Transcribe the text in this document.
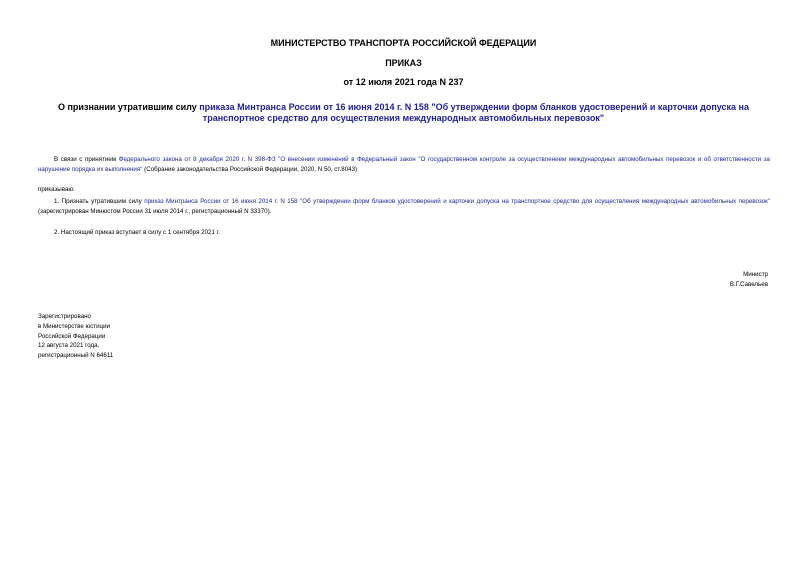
МИНИСТЕРСТВО ТРАНСПОРТА РОССИЙСКОЙ ФЕДЕРАЦИИ
ПРИКАЗ
от 12 июля 2021 года N 237
О признании утратившим силу приказа Минтранса России от 16 июня 2014 г. N 158 "Об утверждении форм бланков удостоверений и карточки допуска на транспортное средство для осуществления международных автомобильных перевозок"
В связи с принятием Федерального закона от 8 декабря 2020 г. N 398-ФЗ "О внесении изменений в Федеральный закон "О государственном контроле за осуществлением международных автомобильных перевозок и об ответственности за нарушение порядка их выполнения" (Собрание законодательства Российской Федерации, 2020, N 50, ст.8043)
приказываю:
1. Признать утратившим силу приказ Минтранса России от 16 июня 2014 г. N 158 "Об утверждении форм бланков удостоверений и карточки допуска на транспортное средство для осуществления международных автомобильных перевозок" (зарегистрирован Минюстом России 31 июля 2014 г., регистрационный N 33370).
2. Настоящий приказ вступает в силу с 1 сентября 2021 г.
Министр
В.Г.Савельев
Зарегистрировано
в Министерстве юстиции
Российской Федерации
12 августа 2021 года,
регистрационный N 64611
